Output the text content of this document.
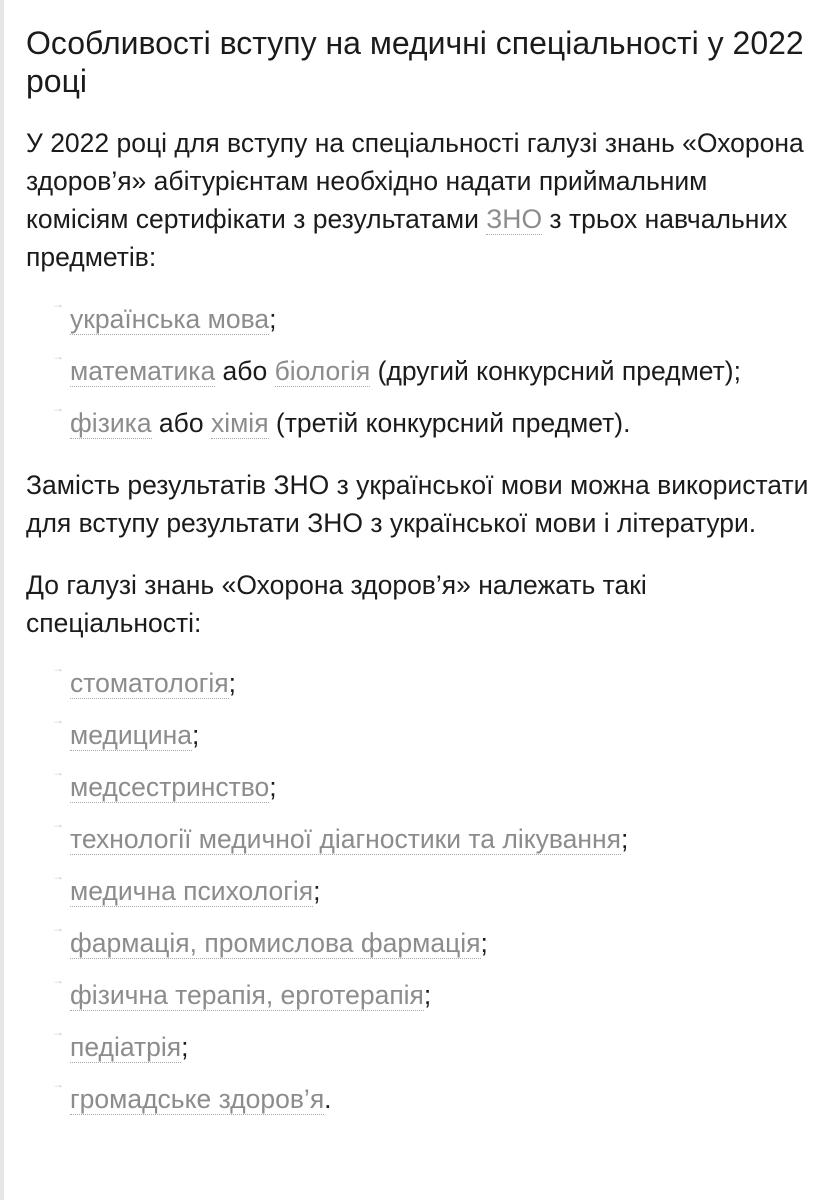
Особливості вступу на медичні спеціальності у 2022 році

У 2022 році для вступу на спеціальності галузі знань «Охорона здоров’я» абітурієнтам необхідно надати приймальним комісіям сертифікати з результатами ЗНО з трьох навчальних предметів:

→ українська мова;
→ математика або біологія (другий конкурсний предмет);
→ фізика або хімія (третій конкурсний предмет).

Замість результатів ЗНО з української мови можна використати для вступу результати ЗНО з української мови і літератури.

До галузі знань «Охорона здоров’я» належать такі спеціальності:

→ стоматологія;
→ медицина;
→ медсестринство;
→ технології медичної діагностики та лікування;
→ медична психологія;
→ фармація, промислова фармація;
→ фізична терапія, ерготерапія;
→ педіатрія;
→ громадське здоров’я.
